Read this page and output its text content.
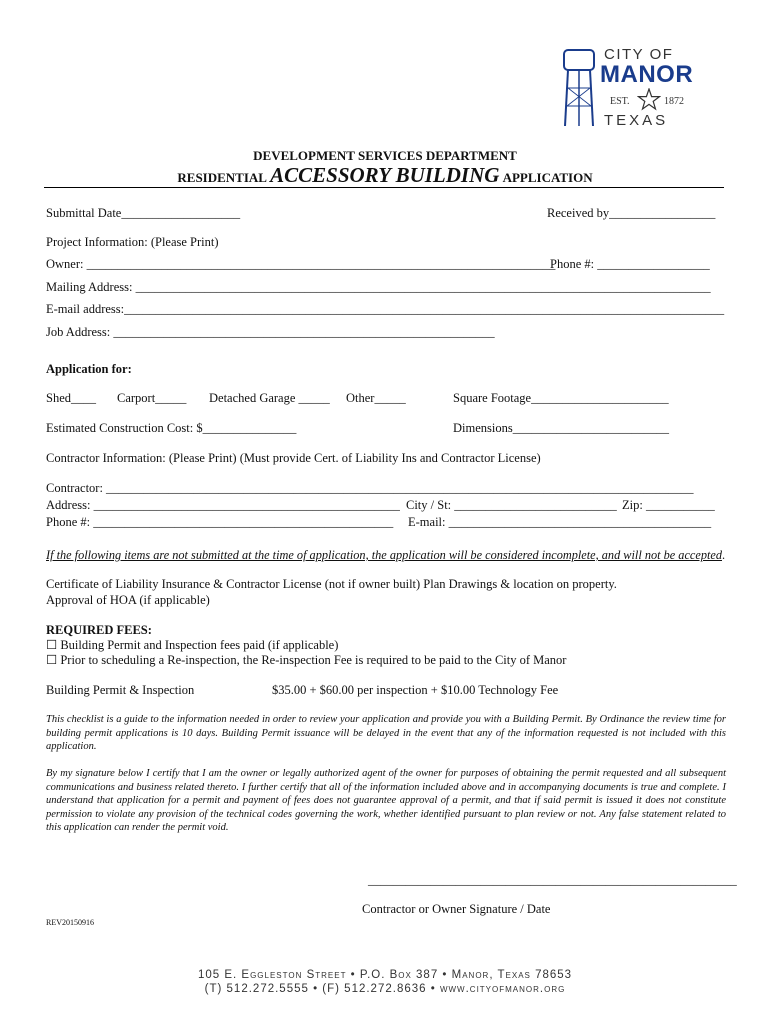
CITY OF
MANOR
EST.	1872
TEXAS
DEVELOPMENT SERVICES DEPARTMENT
RESIDENTIAL ACCESSORY BUILDING APPLICATION
Submittal Date___________________	Received by_________________
Project Information: (Please Print)
Owner: ___________________________________________________________________________
Phone #: __________________
Mailing Address: ____________________________________________________________________________________________
E-mail address:________________________________________________________________________________________________
Job Address: _____________________________________________________________
Application for:
Shed____ Carport_____ Detached Garage _____ Other_____	Square Footage______________________
Estimated Construction Cost: $_______________	Dimensions_________________________
Contractor Information: (Please Print) (Must provide Cert. of Liability Ins and Contractor License)
Contractor: ______________________________________________________________________________________________
Address: _________________________________________________ City / St: __________________________ Zip: ___________
Phone #: ________________________________________________ E-mail: __________________________________________
If the following items are not submitted at the time of application, the application will be considered incomplete, and will not be accepted.
Certificate of Liability Insurance & Contractor License (not if owner built) Plan Drawings & location on property.
Approval of HOA (if applicable)
REQUIRED FEES:
☐ Building Permit and Inspection fees paid (if applicable)
☐ Prior to scheduling a Re-inspection, the Re-inspection Fee is required to be paid to the City of Manor
Building Permit & Inspection	$35.00 + $60.00 per inspection + $10.00 Technology Fee
This checklist is a guide to the information needed in order to review your application and provide you with a Building Permit. By Ordinance the review time for building permit applications is 10 days. Building Permit issuance will be delayed in the event that any of the information requested is not included with this application.
By my signature below I certify that I am the owner or legally authorized agent of the owner for purposes of obtaining the permit requested and all subsequent communications and business related thereto. I further certify that all of the information included above and in accompanying documents is true and complete. I understand that application for a permit and payment of fees does not guarantee approval of a permit, and that if said permit is issued it does not constitute permission to violate any provision of the technical codes governing the work, whether identified pursuant to plan review or not. Any false statement related to this application can render the permit void.
___________________________________________________________
Contractor or Owner Signature / Date
REV20150916
105 E. Eggleston Street • P.O. Box 387 • Manor, Texas 78653
(T) 512.272.5555 • (F) 512.272.8636 • www.cityofmanor.org
